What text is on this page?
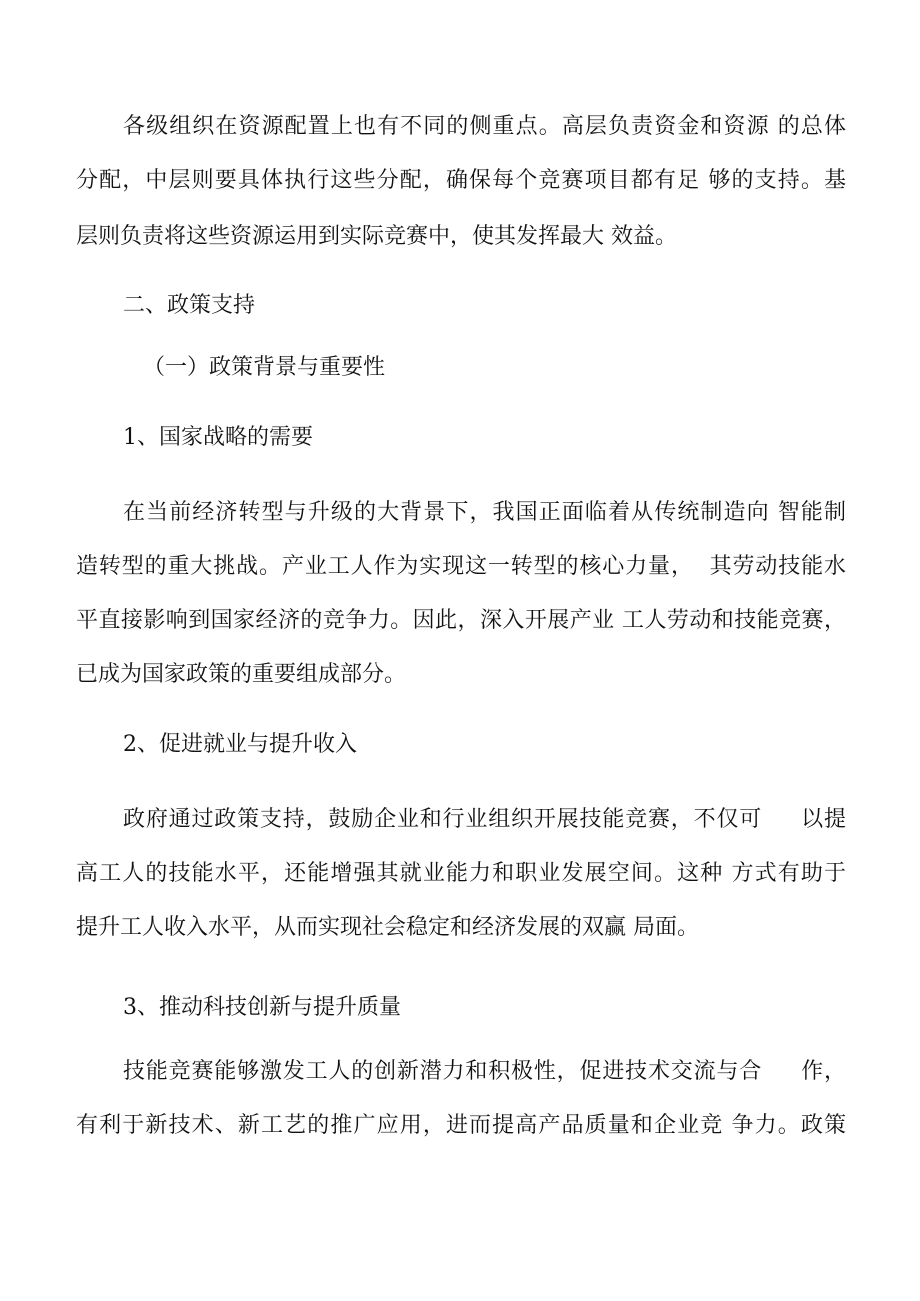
各级组织在资源配置上也有不同的侧重点。高层负责资金和资源 的总体

分配，中层则要具体执行这些分配，确保每个竞赛项目都有足 够的支持。基

层则负责将这些资源运用到实际竞赛中，使其发挥最大 效益。

二、政策支持

（一）政策背景与重要性

1、国家战略的需要

在当前经济转型与升级的大背景下，我国正面临着从传统制造向 智能制

造转型的重大挑战。产业工人作为实现这一转型的核心力量，  其劳动技能水

平直接影响到国家经济的竞争力。因此，深入开展产业 工人劳动和技能竞赛，

已成为国家政策的重要组成部分。

2、促进就业与提升收入

政府通过政策支持，鼓励企业和行业组织开展技能竞赛，不仅可     以提

高工人的技能水平，还能增强其就业能力和职业发展空间。这种 方式有助于

提升工人收入水平，从而实现社会稳定和经济发展的双赢 局面。

3、推动科技创新与提升质量

技能竞赛能够激发工人的创新潜力和积极性，促进技术交流与合     作，

有利于新技术、新工艺的推广应用，进而提高产品质量和企业竞 争力。政策
